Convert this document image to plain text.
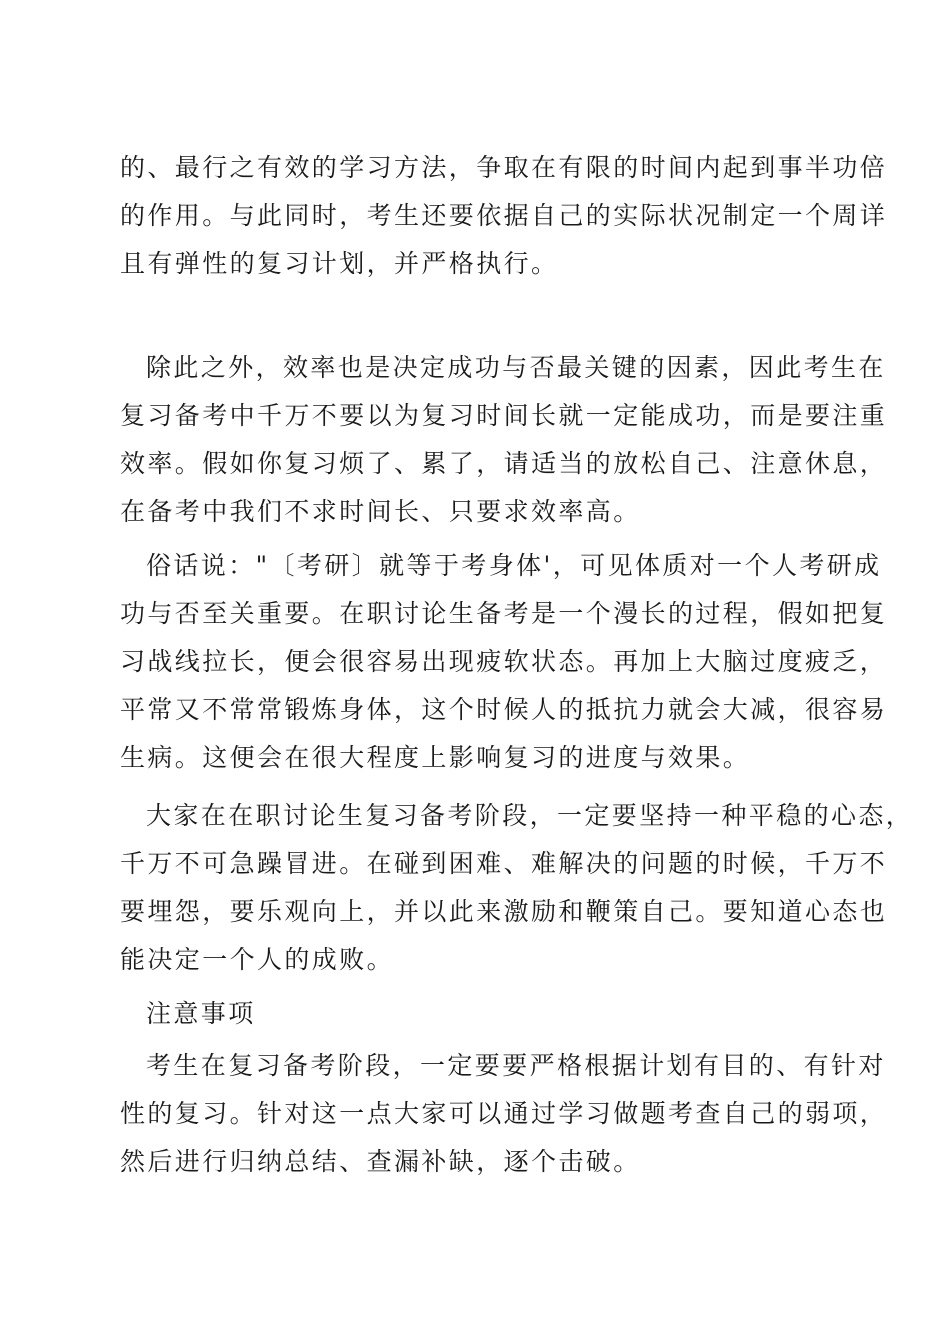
的、最行之有效的学习方法，争取在有限的时间内起到事半功倍
的作用。与此同时，考生还要依据自己的实际状况制定一个周详
且有弹性的复习计划，并严格执行。
除此之外，效率也是决定成功与否最关键的因素，因此考生在
复习备考中千万不要以为复习时间长就一定能成功，而是要注重
效率。假如你复习烦了、累了，请适当的放松自己、注意休息，
在备考中我们不求时间长、只要求效率高。
俗话说："〔考研〕就等于考身体'，可见体质对一个人考研成
功与否至关重要。在职讨论生备考是一个漫长的过程，假如把复
习战线拉长，便会很容易出现疲软状态。再加上大脑过度疲乏，
平常又不常常锻炼身体，这个时候人的抵抗力就会大减，很容易
生病。这便会在很大程度上影响复习的进度与效果。
大家在在职讨论生复习备考阶段，一定要坚持一种平稳的心态，
千万不可急躁冒进。在碰到困难、难解决的问题的时候，千万不
要埋怨，要乐观向上，并以此来激励和鞭策自己。要知道心态也
能决定一个人的成败。
注意事项
考生在复习备考阶段，一定要要严格根据计划有目的、有针对
性的复习。针对这一点大家可以通过学习做题考查自己的弱项，
然后进行归纳总结、查漏补缺，逐个击破。
